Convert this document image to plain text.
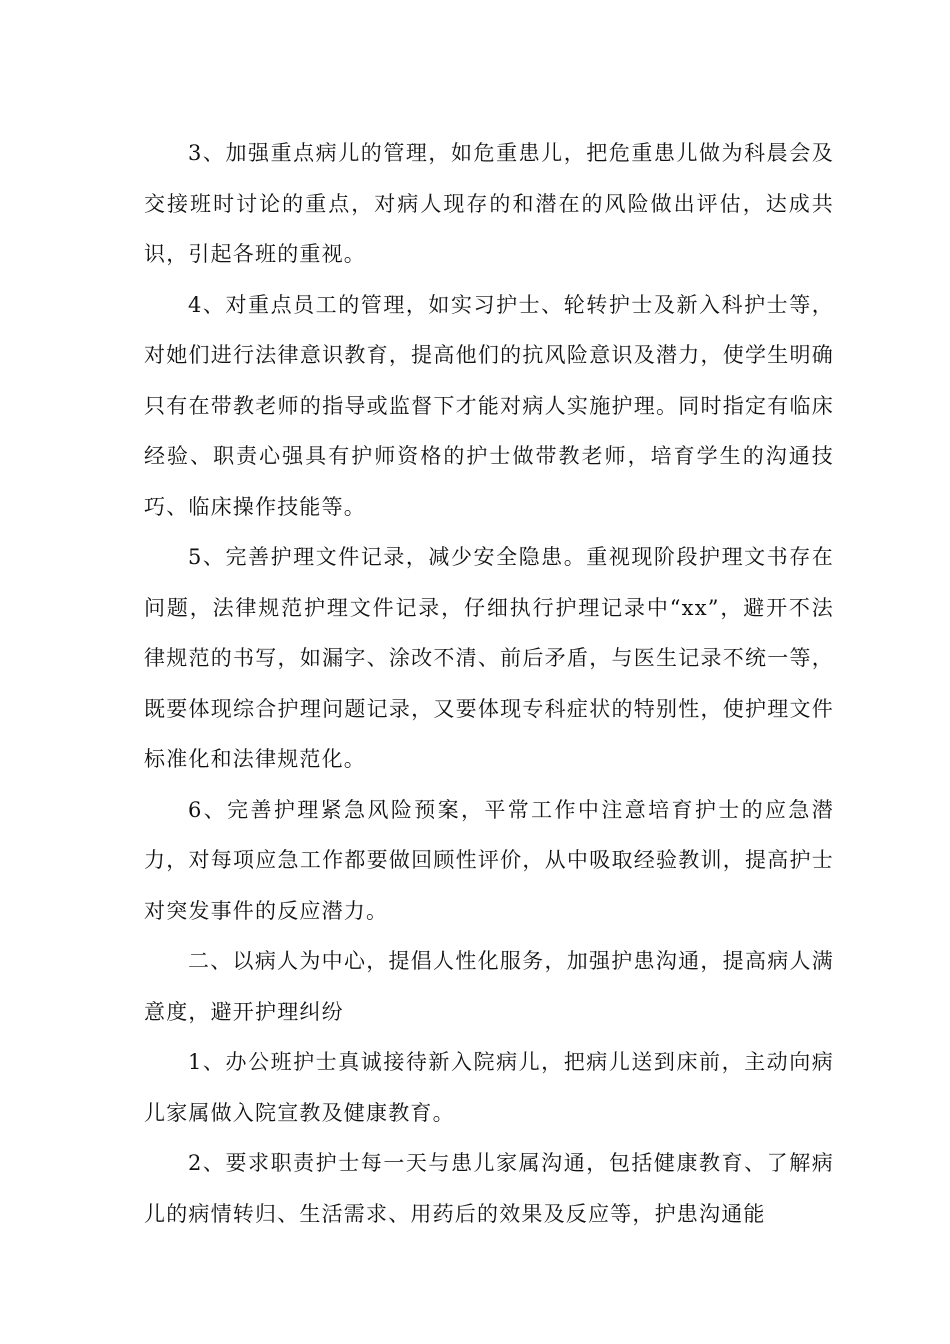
3、加强重点病儿的管理，如危重患儿，把危重患儿做为科晨会及交接班时讨论的重点，对病人现存的和潜在的风险做出评估，达成共识，引起各班的重视。

4、对重点员工的管理，如实习护士、轮转护士及新入科护士等，对她们进行法律意识教育，提高他们的抗风险意识及潜力，使学生明确只有在带教老师的指导或监督下才能对病人实施护理。同时指定有临床经验、职责心强具有护师资格的护士做带教老师，培育学生的沟通技巧、临床操作技能等。

5、完善护理文件记录，减少安全隐患。重视现阶段护理文书存在问题，法律规范护理文件记录，仔细执行护理记录中“xx”，避开不法律规范的书写，如漏字、涂改不清、前后矛盾，与医生记录不统一等，既要体现综合护理问题记录，又要体现专科症状的特别性，使护理文件标准化和法律规范化。

6、完善护理紧急风险预案，平常工作中注意培育护士的应急潜力，对每项应急工作都要做回顾性评价，从中吸取经验教训，提高护士对突发事件的反应潜力。

二、以病人为中心，提倡人性化服务，加强护患沟通，提高病人满意度，避开护理纠纷

1、办公班护士真诚接待新入院病儿，把病儿送到床前，主动向病儿家属做入院宣教及健康教育。

2、要求职责护士每一天与患儿家属沟通，包括健康教育、了解病儿的病情转归、生活需求、用药后的效果及反应等，护患沟通能
